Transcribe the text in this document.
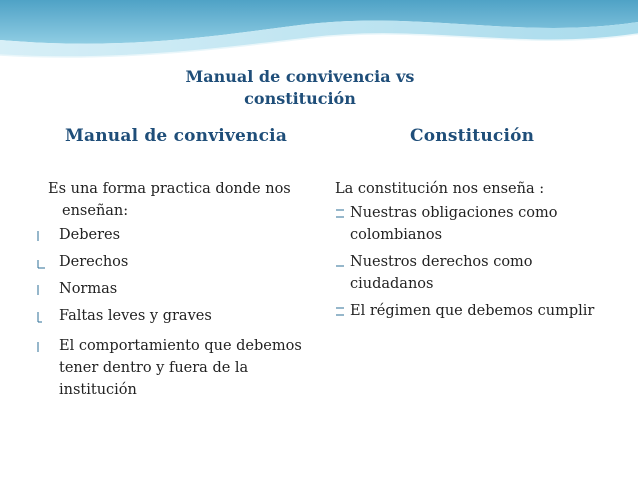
Manual de convivencia vs
constitución
Manual de convivencia	Constitución
Es una forma practica donde nos enseñan:
Deberes
Derechos
Normas
Faltas leves y graves
El comportamiento que debemos tener dentro y fuera de la institución
La constitución nos enseña :
Nuestras obligaciones como colombianos
Nuestros derechos como ciudadanos
El régimen que debemos cumplir
